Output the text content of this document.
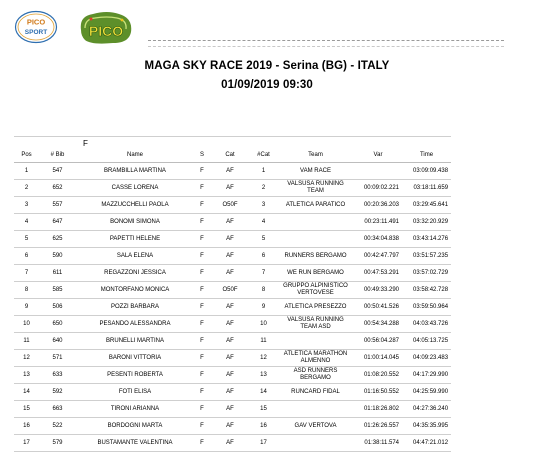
PICO
SPORT	PICO
MAGA SKY RACE 2019 - Serina (BG) - ITALY
01/09/2019 09:30
F								
Pos	# Bib	Name	S	Cat	#Cat	Team	Var	Time
1	547	BRAMBILLA MARTINA	F	AF	1	VAM RACE		03:09:09.438
2	652	CASSE LORENA	F	AF	2	VALSUSA RUNNING TEAM	00:09:02.221	03:18:11.659
3	557	MAZZUCCHELLI PAOLA	F	O50F	3	ATLETICA PARATICO	00:20:36.203	03:29:45.641
4	647	BONOMI SIMONA	F	AF	4		00:23:11.491	03:32:20.929
5	625	PAPETTI HELENE	F	AF	5		00:34:04.838	03:43:14.276
6	590	SALA ELENA	F	AF	6	RUNNERS BERGAMO	00:42:47.797	03:51:57.235
7	611	REGAZZONI JESSICA	F	AF	7	WE RUN BERGAMO	00:47:53.291	03:57:02.729
8	585	MONTORFANO MONICA	F	O50F	8	GRUPPO ALPINISTICO VERTOVESE	00:49:33.290	03:58:42.728
9	506	POZZI BARBARA	F	AF	9	ATLETICA PRESEZZO	00:50:41.526	03:59:50.964
10	650	PESANDO ALESSANDRA	F	AF	10	VALSUSA RUNNING TEAM ASD	00:54:34.288	04:03:43.726
11	640	BRUNELLI MARTINA	F	AF	11		00:56:04.287	04:05:13.725
12	571	BARONI VITTORIA	F	AF	12	ATLETICA MARATHON ALMENNO	01:00:14.045	04:09:23.483
13	633	PESENTI ROBERTA	F	AF	13	ASD RUNNERS BERGAMO	01:08:20.552	04:17:29.990
14	592	FOTI ELISA	F	AF	14	RUNCARD FIDAL	01:16:50.552	04:25:59.990
15	663	TIRONI ARIANNA	F	AF	15		01:18:26.802	04:27:36.240
16	522	BORDOGNI MARTA	F	AF	16	GAV VERTOVA	01:26:26.557	04:35:35.995
17	579	BUSTAMANTE VALENTINA	F	AF	17		01:38:11.574	04:47:21.012
